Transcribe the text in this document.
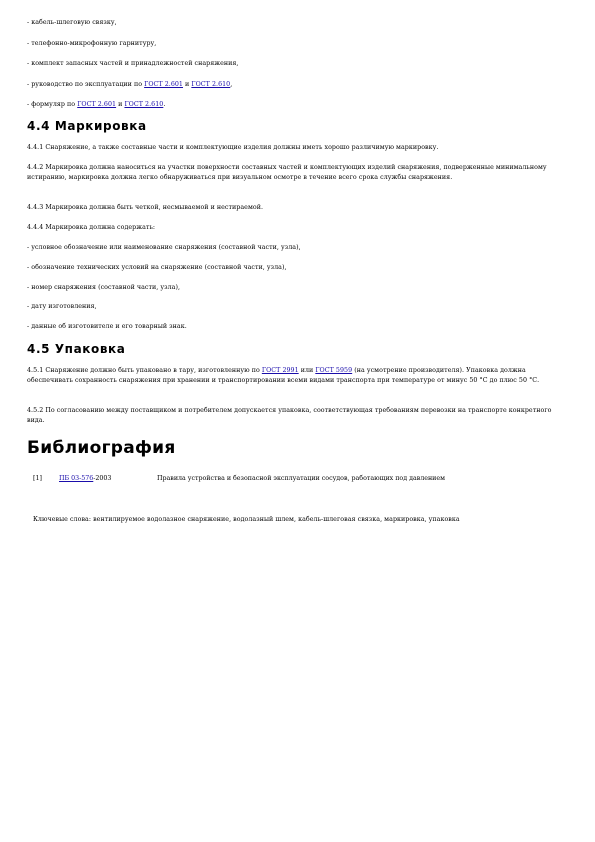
- кабель-шлеговую связку,
- телефонно-микрофонную гарнитуру,
- комплект запасных частей и принадлежностей снаряжения,
- руководство по эксплуатации по ГОСТ 2.601 и ГОСТ 2.610,
- формуляр по ГОСТ 2.601 и ГОСТ 2.610.
4.4 Маркировка
4.4.1 Снаряжение, а также составные части и комплектующие изделия должны иметь хорошо различимую маркировку.
4.4.2 Маркировка должна наноситься на участки поверхности составных частей и комплектующих изделий снаряжения, подверженные минимальному истиранию, маркировка должна легко обнаруживаться при визуальном осмотре в течение всего срока службы снаряжения.
4.4.3 Маркировка должна быть четкой, несмываемой и нестираемой.
4.4.4 Маркировка должна содержать:
- условное обозначение или наименование снаряжения (составной части, узла),
- обозначение технических условий на снаряжение (составной части, узла),
- номер снаряжения (составной части, узла),
- дату изготовления,
- данные об изготовителе и его товарный знак.
4.5 Упаковка
4.5.1 Снаряжение должно быть упаковано в тару, изготовленную по ГОСТ 2991 или ГОСТ 5959 (на усмотрение производителя). Упаковка должна обеспечивать сохранность снаряжения при хранении и транспортировании всеми видами транспорта при температуре от минус 50 °С до плюс 50 °С.
4.5.2 По согласованию между поставщиком и потребителем допускается упаковка, соответствующая требованиям перевозки на транспорте конкретного вида.
Библиография
[1]	ПБ 03-576-2003	Правила устройства и безопасной эксплуатации сосудов, работающих под давлением
Ключевые слова: вентилируемое водолазное снаряжение, водолазный шлем, кабель-шлеговая связка, маркировка, упаковка
